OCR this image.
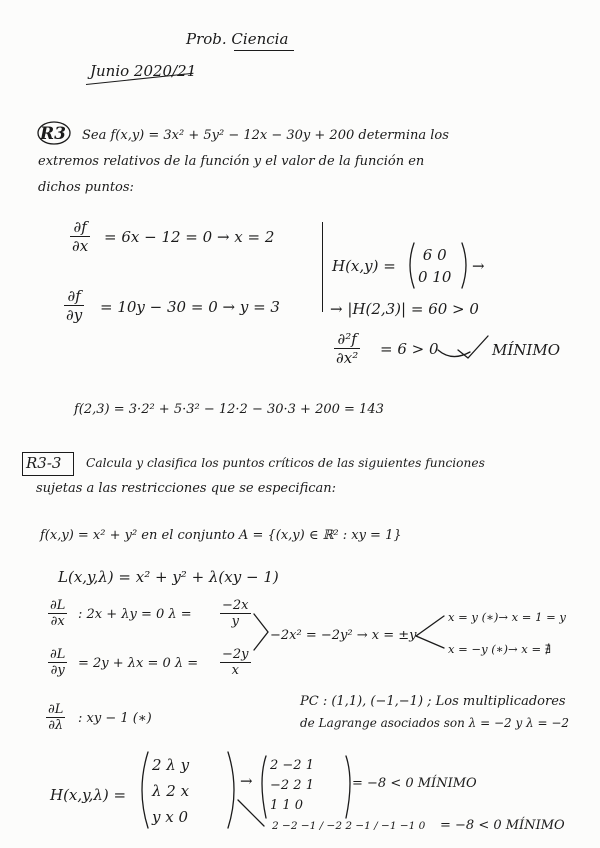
Prob. Ciencia
Junio 2020/21
R3 Sea f(x,y) = 3x² + 5y² − 12x − 30y + 200 determina los
extremos relativos de la función y el valor de la función en
dichos puntos:
$\frac{\partial f}{\partial x} = 6x - 12 = 0 \to x = 2$
$\frac{\partial f}{\partial y} = 10y - 30 = 0 \to y = 3$
H(x,y) =
6 0
0 10
→
→ |H(2,3)| = 60 > 0
$\frac{\text{∂²f}}{\text{∂x²}} = 6 > 0$	MÍNIMO
f(2,3) = 3·2² + 5·3² − 12·2 − 30·3 + 200 = 143
R3-3 Calcula y clasifica los puntos críticos de las siguientes funciones
sujetas a las restricciones que se especifican:
f(x,y) = x² + y² en el conjunto A = {(x,y) ∈ ℝ² : xy = 1}
L(x,y,λ) = x² + y² + λ(xy − 1)
$\frac{\partial L}{\partial x}$ : 2x + λy = 0 $\lambda = \frac{-2x}{y}$
$\frac{\partial L}{\partial y} = 2y + \lambda x = 0$ $\lambda = \frac{-2y}{x}$
−2x² = −2y² → x = ±y
x = y (∗)→ x = 1 = y
x = −y (∗)→ x = ∄
$\frac{\partial L}{\partial\lambda}$ : xy − 1 (∗)
PC : (1,1), (−1,−1) ; Los multiplicadores
de Lagrange asociados son λ = −2 y λ = −2
H(x,y,λ) =
2 λ y
λ 2 x
y x 0
→
2 −2 1
−2 2 1
1 1 0
= −8 < 0 MÍNIMO
2 −2 −1 / −2 2 −1 / −1 −1 0 = −8 < 0 MÍNIMO
